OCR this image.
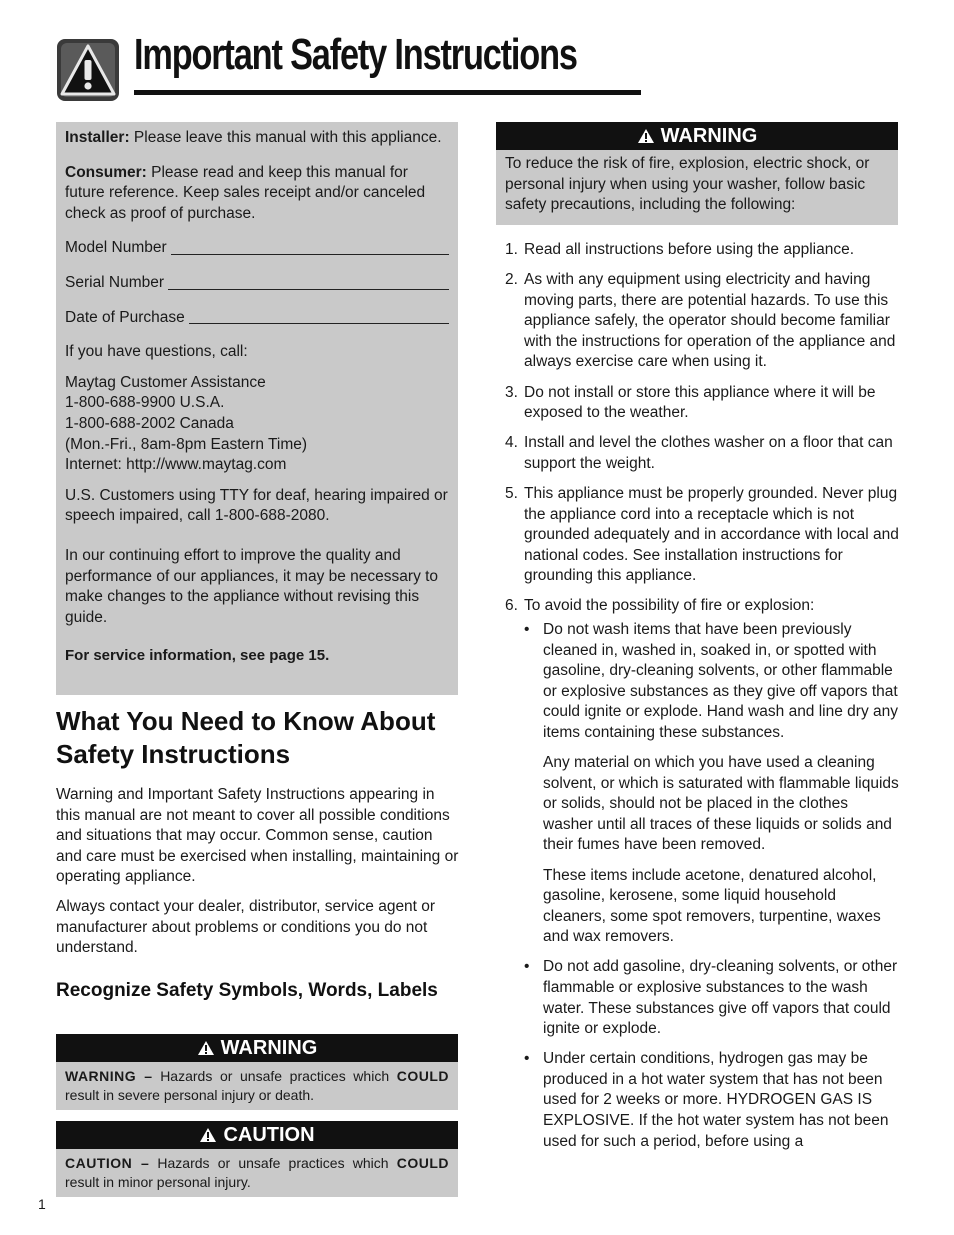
Important Safety Instructions

Installer: Please leave this manual with this appliance.

Consumer: Please read and keep this manual for future reference. Keep sales receipt and/or canceled check as proof of purchase.

Model Number

Serial Number

Date of Purchase

If you have questions, call:

Maytag Customer Assistance
1-800-688-9900 U.S.A.
1-800-688-2002 Canada
(Mon.-Fri., 8am-8pm Eastern Time)
Internet: http://www.maytag.com

U.S. Customers using TTY for deaf, hearing impaired or speech impaired, call 1-800-688-2080.

In our continuing effort to improve the quality and performance of our appliances, it may be necessary to make changes to the appliance without revising this guide.

For service information, see page 15.

What You Need to Know About Safety Instructions

Warning and Important Safety Instructions appearing in this manual are not meant to cover all possible conditions and situations that may occur. Common sense, caution and care must be exercised when installing, maintaining or operating appliance.

Always contact your dealer, distributor, service agent or manufacturer about problems or conditions you do not understand.

Recognize Safety Symbols, Words, Labels
WARNING
WARNING – Hazards or unsafe practices which COULD result in severe personal injury or death.
CAUTION
CAUTION – Hazards or unsafe practices which COULD result in minor personal injury.
WARNING
To reduce the risk of fire, explosion, electric shock, or personal injury when using your washer, follow basic safety precautions, including the following:
1. Read all instructions before using the appliance.
2. As with any equipment using electricity and having moving parts, there are potential hazards. To use this appliance safely, the operator should become familiar with the instructions for operation of the appliance and always exercise care when using it.
3. Do not install or store this appliance where it will be exposed to the weather.
4. Install and level the clothes washer on a floor that can support the weight.
5. This appliance must be properly grounded. Never plug the appliance cord into a receptacle which is not grounded adequately and in accordance with local and national codes. See installation instructions for grounding this appliance.
6. To avoid the possibility of fire or explosion:
• Do not wash items that have been previously cleaned in, washed in, soaked in, or spotted with gasoline, dry-cleaning solvents, or other flammable or explosive substances as they give off vapors that could ignite or explode. Hand wash and line dry any items containing these substances.

Any material on which you have used a cleaning solvent, or which is saturated with flammable liquids or solids, should not be placed in the clothes washer until all traces of these liquids or solids and their fumes have been removed.

These items include acetone, denatured alcohol, gasoline, kerosene, some liquid household cleaners, some spot removers, turpentine, waxes and wax removers.

• Do not add gasoline, dry-cleaning solvents, or other flammable or explosive substances to the wash water. These substances give off vapors that could ignite or explode.
• Under certain conditions, hydrogen gas may be produced in a hot water system that has not been used for 2 weeks or more. HYDROGEN GAS IS EXPLOSIVE. If the hot water system has not been used for such a period, before using a
1
